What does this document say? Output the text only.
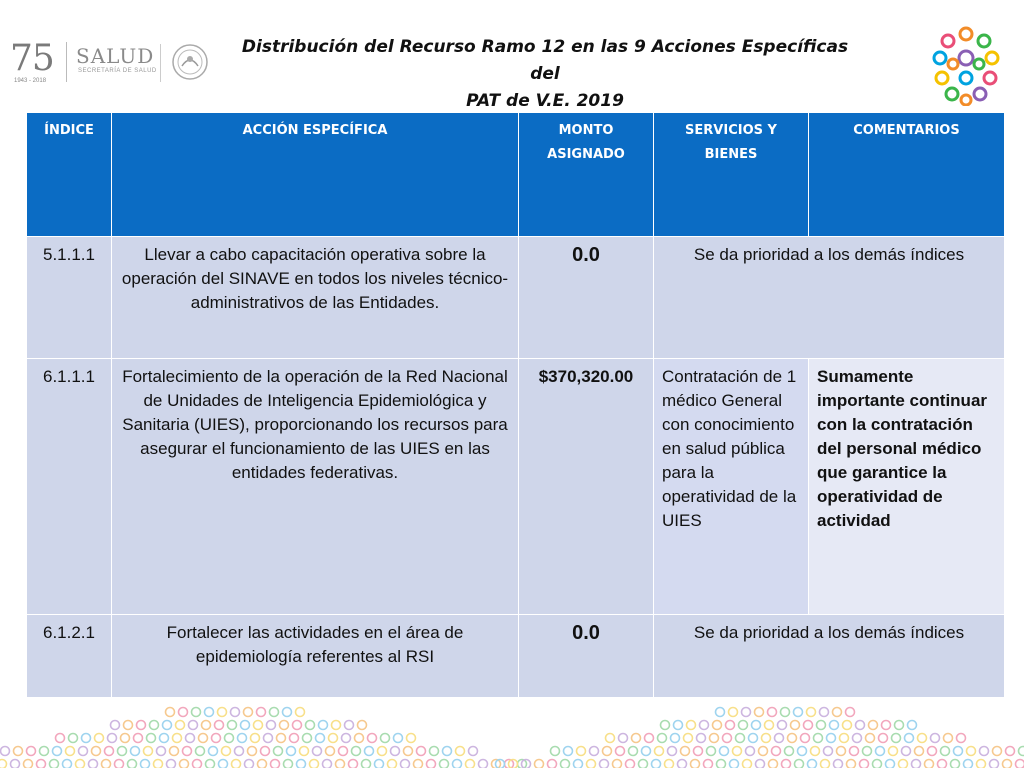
75
1943 - 2018
SALUD
SECRETARÍA DE SALUD
Distribución del Recurso Ramo 12 en las 9 Acciones Específicas del
PAT de V.E. 2019
ÍNDICE	ACCIÓN ESPECÍFICA	MONTO ASIGNADO	SERVICIOS Y BIENES	COMENTARIOS
5.1.1.1	Llevar a cabo capacitación operativa sobre la operación del SINAVE en todos los niveles técnico-administrativos de las Entidades.	0.0	Se da prioridad a los demás índices	
6.1.1.1	Fortalecimiento de la operación de la Red Nacional de Unidades de Inteligencia Epidemiológica y Sanitaria (UIES), proporcionando los recursos para asegurar el funcionamiento de las UIES en las entidades federativas.	$370,320.00	Contratación de 1 médico General con conocimiento en salud pública para la operatividad de la UIES	Sumamente importante continuar con la contratación del personal médico que garantice la operatividad de actividad
6.1.2.1	Fortalecer las actividades en el área de epidemiología referentes al RSI	0.0	Se da prioridad a los demás índices	
